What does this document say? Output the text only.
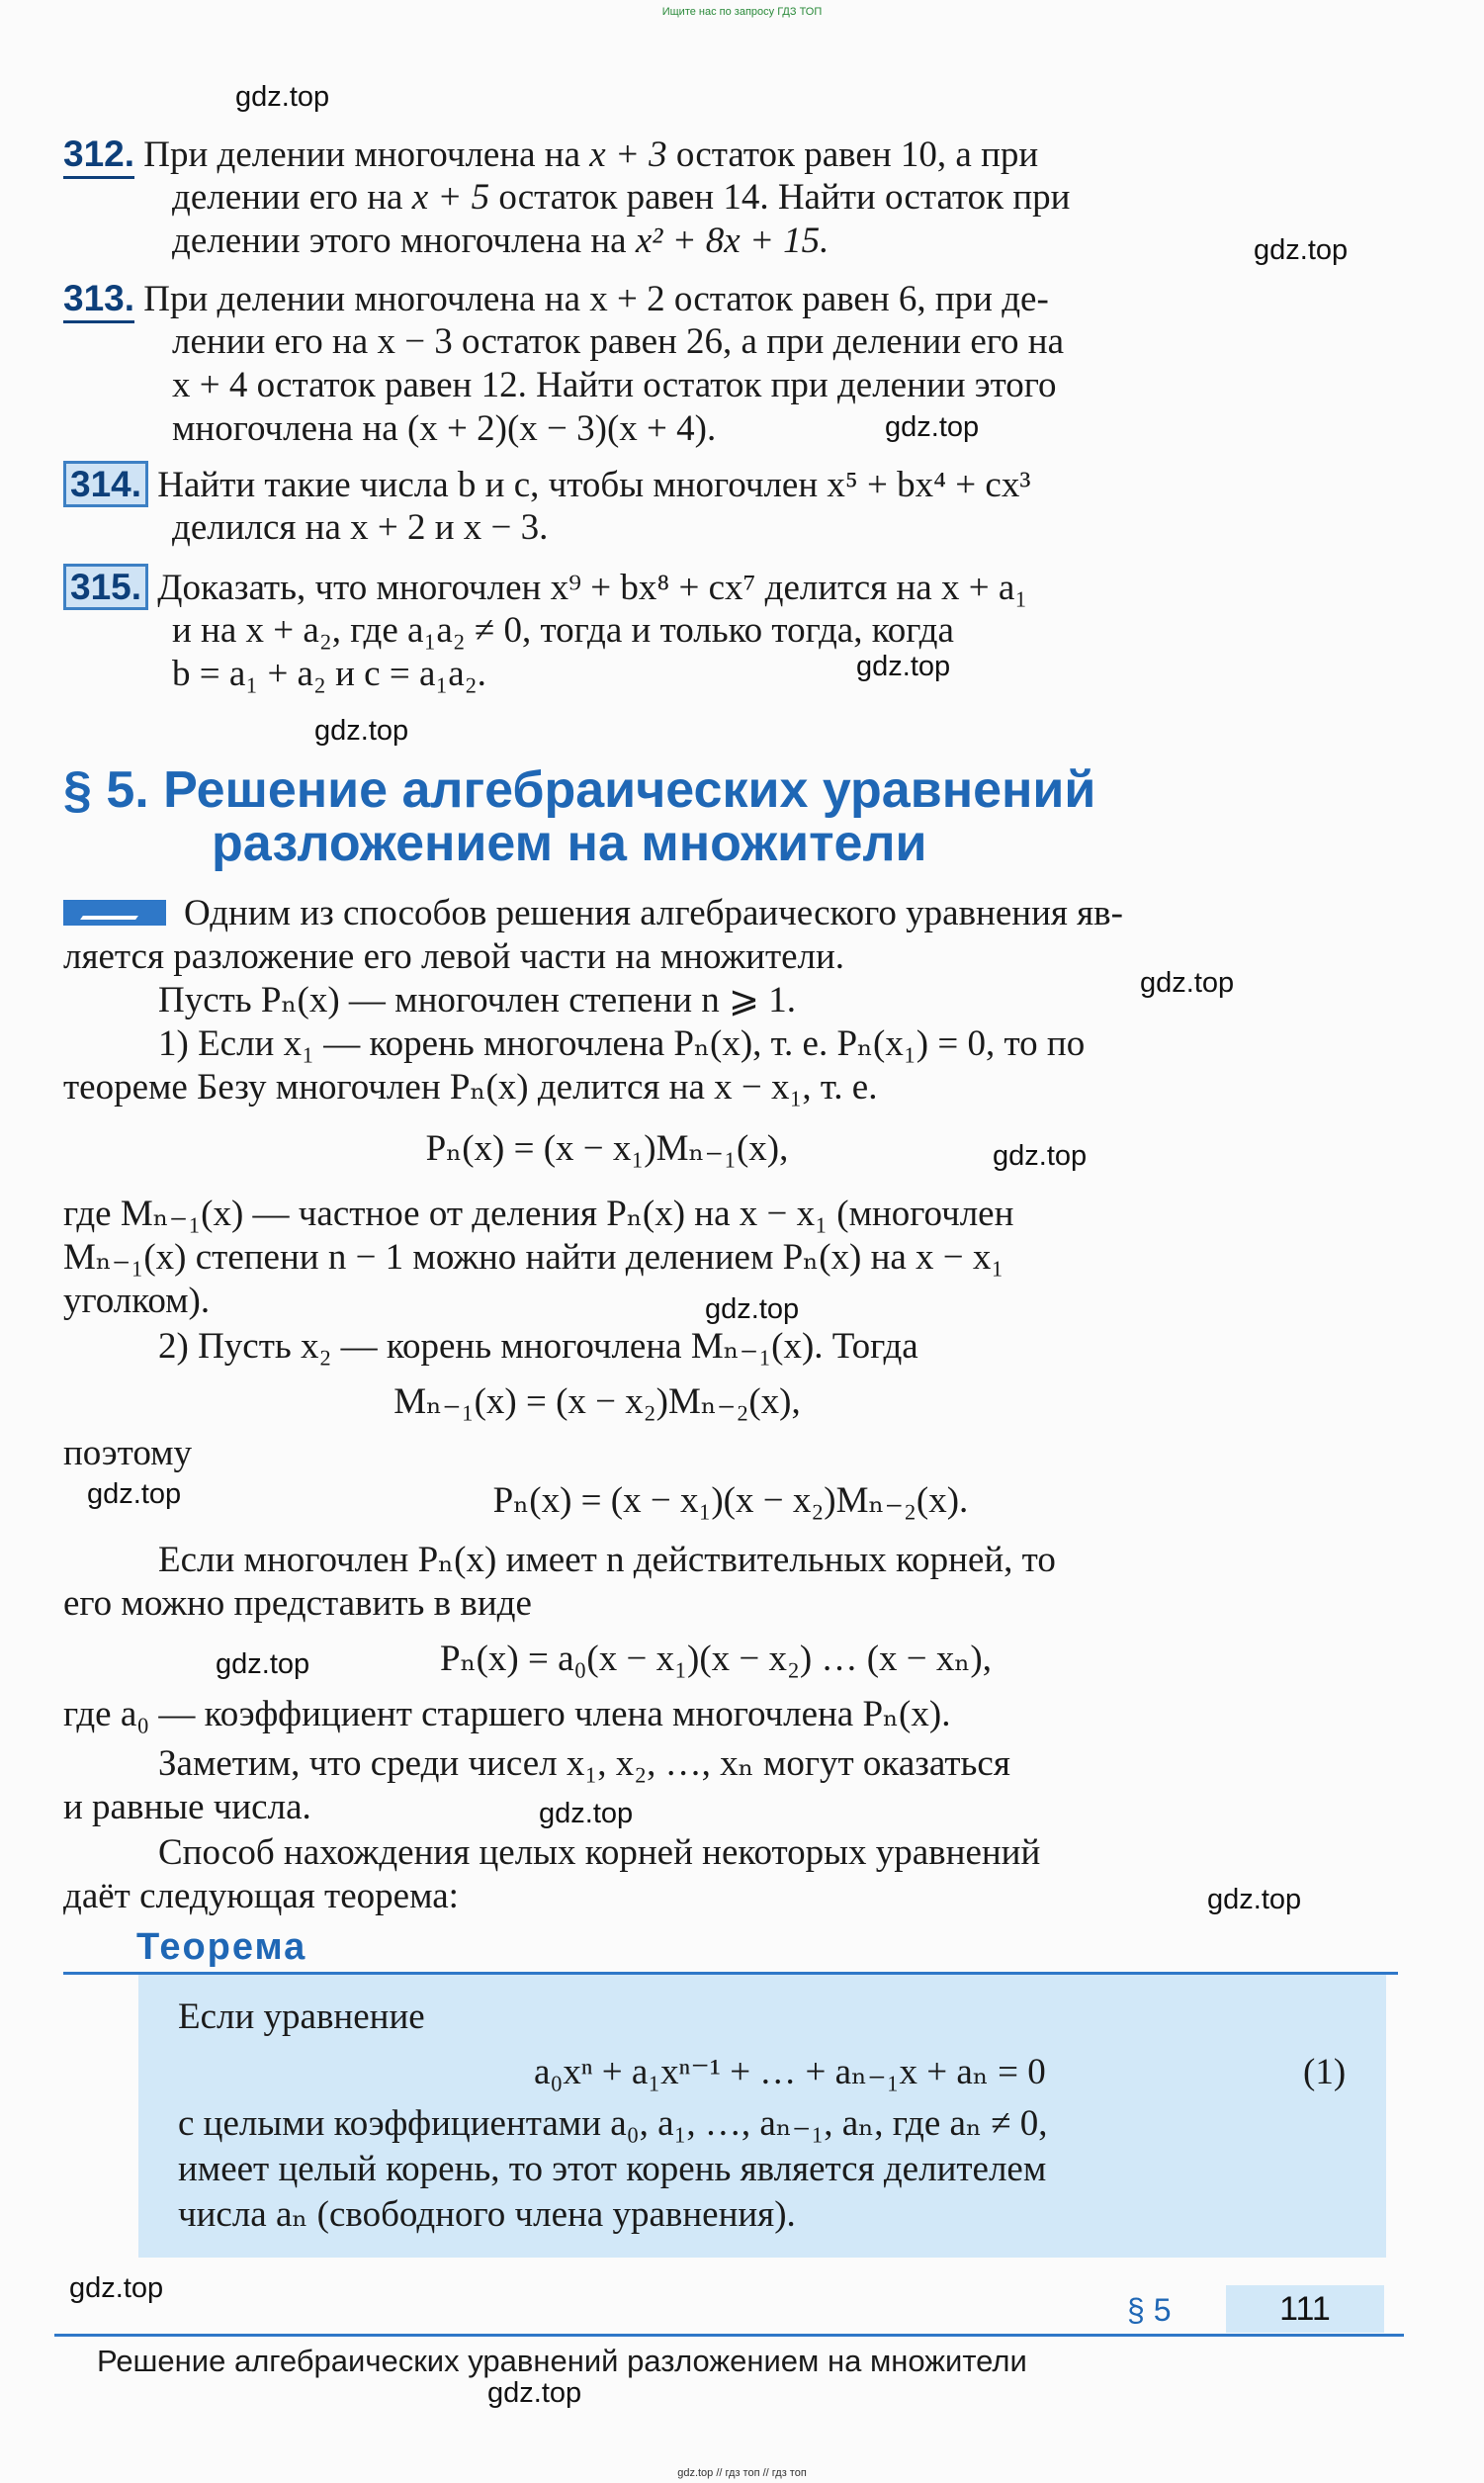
Ищите нас по запросу ГДЗ ТОП
gdz.top
gdz.top
gdz.top
gdz.top
gdz.top
gdz.top
gdz.top
gdz.top
gdz.top
gdz.top
gdz.top
gdz.top
gdz.top
gdz.top
312. При делении многочлена на x + 3 остаток равен 10, а при
делении его на x + 5 остаток равен 14. Найти остаток при
делении этого многочлена на x² + 8x + 15.
313. При делении многочлена на x + 2 остаток равен 6, при де-
лении его на x − 3 остаток равен 26, а при делении его на
x + 4 остаток равен 12. Найти остаток при делении этого
многочлена на (x + 2)(x − 3)(x + 4).
314. Найти такие числа b и c, чтобы многочлен x⁵ + bx⁴ + cx³
делился на x + 2 и x − 3.
315. Доказать, что многочлен x⁹ + bx⁸ + cx⁷ делится на x + a₁
и на x + a₂, где a₁a₂ ≠ 0, тогда и только тогда, когда
b = a₁ + a₂ и c = a₁a₂.
§ 5. Решение алгебраических уравнений
разложением на множители
Одним из способов решения алгебраического уравнения яв-
ляется разложение его левой части на множители.
Пусть Pₙ(x) — многочлен степени n ⩾ 1.
1) Если x₁ — корень многочлена Pₙ(x), т. е. Pₙ(x₁) = 0, то по
теореме Безу многочлен Pₙ(x) делится на x − x₁, т. е.
Pₙ(x) = (x − x₁)Mₙ₋₁(x),
где Mₙ₋₁(x) — частное от деления Pₙ(x) на x − x₁ (многочлен
Mₙ₋₁(x) степени n − 1 можно найти делением Pₙ(x) на x − x₁
уголком).
2) Пусть x₂ — корень многочлена Mₙ₋₁(x). Тогда
Mₙ₋₁(x) = (x − x₂)Mₙ₋₂(x),
поэтому
Pₙ(x) = (x − x₁)(x − x₂)Mₙ₋₂(x).
Если многочлен Pₙ(x) имеет n действительных корней, то
его можно представить в виде
Pₙ(x) = a₀(x − x₁)(x − x₂) … (x − xₙ),
где a₀ — коэффициент старшего члена многочлена Pₙ(x).
Заметим, что среди чисел x₁, x₂, …, xₙ могут оказаться
и равные числа.
Способ нахождения целых корней некоторых уравнений
даёт следующая теорема:
Теорема
Если уравнение
a₀xⁿ + a₁xⁿ⁻¹ + … + aₙ₋₁x + aₙ = 0	(1)
с целыми коэффициентами a₀, a₁, …, aₙ₋₁, aₙ, где aₙ ≠ 0,
имеет целый корень, то этот корень является делителем
числа aₙ (свободного члена уравнения).
§ 5	111
Решение алгебраических уравнений разложением на множители
gdz.top // гдз топ // гдз топ
